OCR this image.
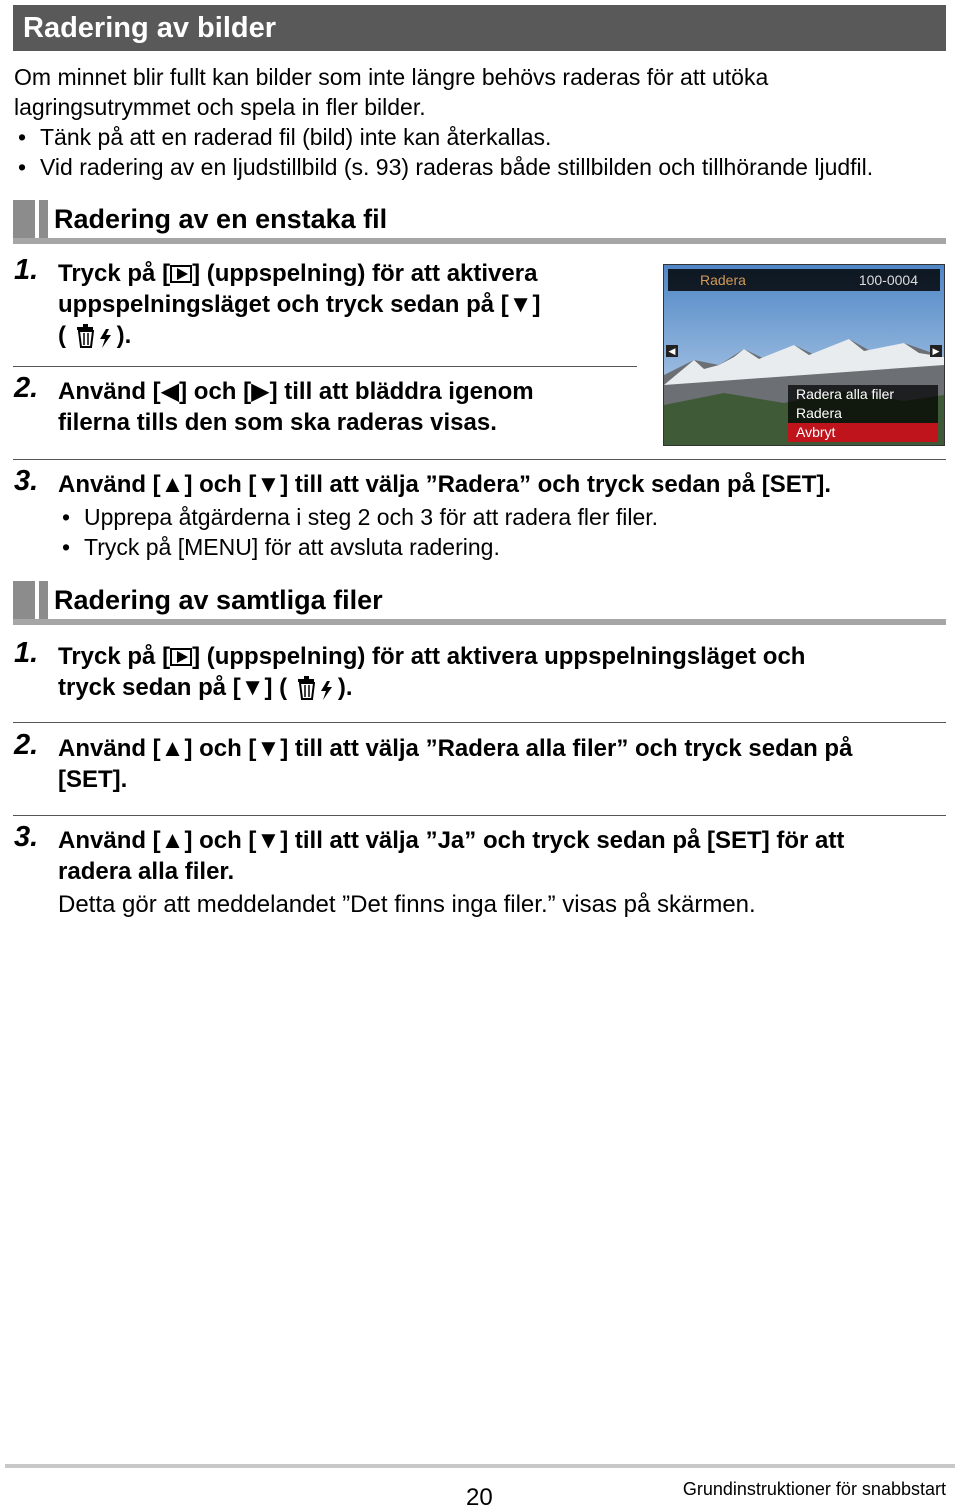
Radering av bilder
Om minnet blir fullt kan bilder som inte längre behövs raderas för att utöka
lagringsutrymmet och spela in fler bilder.
• Tänk på att en raderad fil (bild) inte kan återkallas.
• Vid radering av en ljudstillbild (s. 93) raderas både stillbilden och tillhörande ljudfil.
Radering av en enstaka fil
1. Tryck på [ ] (uppspelning) för att aktivera
uppspelningsläget och tryck sedan på [▼]
( ).
2. Använd [◀] och [▶] till att bläddra igenom
filerna tills den som ska raderas visas.
Radera	100-0004
◀	▶
Radera alla filer
Radera
Avbryt
3. Använd [▲] och [▼] till att välja ”Radera” och tryck sedan på [SET].
• Upprepa åtgärderna i steg 2 och 3 för att radera fler filer.
• Tryck på [MENU] för att avsluta radering.
Radering av samtliga filer
1. Tryck på [ ] (uppspelning) för att aktivera uppspelningsläget och
tryck sedan på [▼] ( ).
2. Använd [▲] och [▼] till att välja ”Radera alla filer” och tryck sedan på
[SET].
3. Använd [▲] och [▼] till att välja ”Ja” och tryck sedan på [SET] för att
radera alla filer.
Detta gör att meddelandet ”Det finns inga filer.” visas på skärmen.
20	Grundinstruktioner för snabbstart
